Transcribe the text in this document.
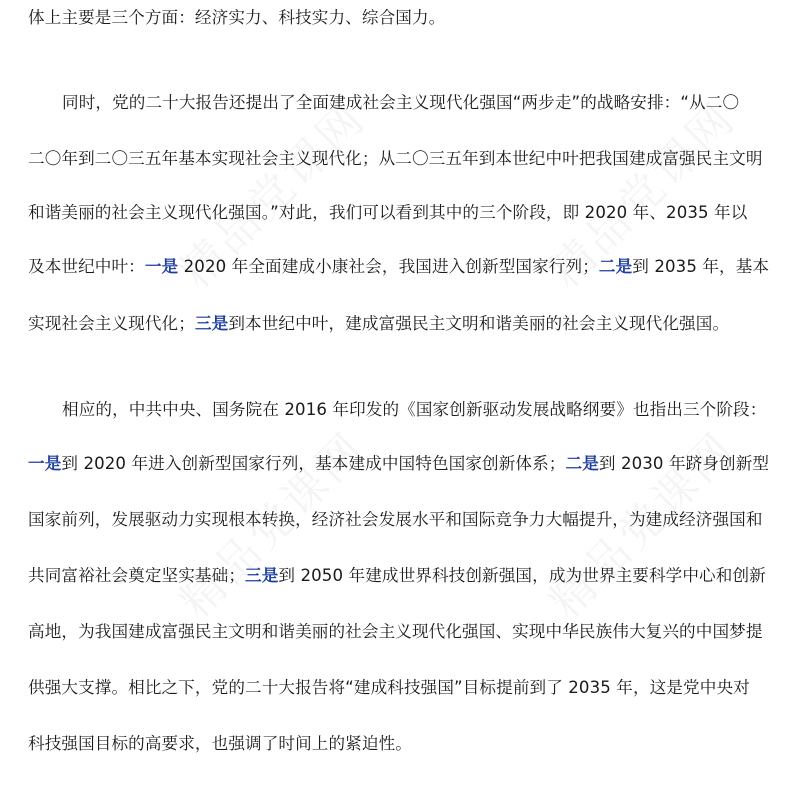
体上主要是三个方面：经济实力、科技实力、综合国力。
同时，党的二十大报告还提出了全面建成社会主义现代化强国“两步走”的战略安排：“从二〇
二〇年到二〇三五年基本实现社会主义现代化；从二〇三五年到本世纪中叶把我国建成富强民主文明
和谐美丽的社会主义现代化强国。”对此，我们可以看到其中的三个阶段，即 2020 年、2035 年以
及本世纪中叶：一是 2020 年全面建成小康社会，我国进入创新型国家行列；二是到 2035 年，基本
实现社会主义现代化；三是到本世纪中叶，建成富强民主文明和谐美丽的社会主义现代化强国。
相应的，中共中央、国务院在 2016 年印发的《国家创新驱动发展战略纲要》也指出三个阶段：
一是到 2020 年进入创新型国家行列，基本建成中国特色国家创新体系；二是到 2030 年跻身创新型
国家前列，发展驱动力实现根本转换，经济社会发展水平和国际竞争力大幅提升，为建成经济强国和
共同富裕社会奠定坚实基础；三是到 2050 年建成世界科技创新强国，成为世界主要科学中心和创新
高地，为我国建成富强民主文明和谐美丽的社会主义现代化强国、实现中华民族伟大复兴的中国梦提
供强大支撑。相比之下，党的二十大报告将“建成科技强国”目标提前到了 2035 年，这是党中央对
科技强国目标的高要求，也强调了时间上的紧迫性。
